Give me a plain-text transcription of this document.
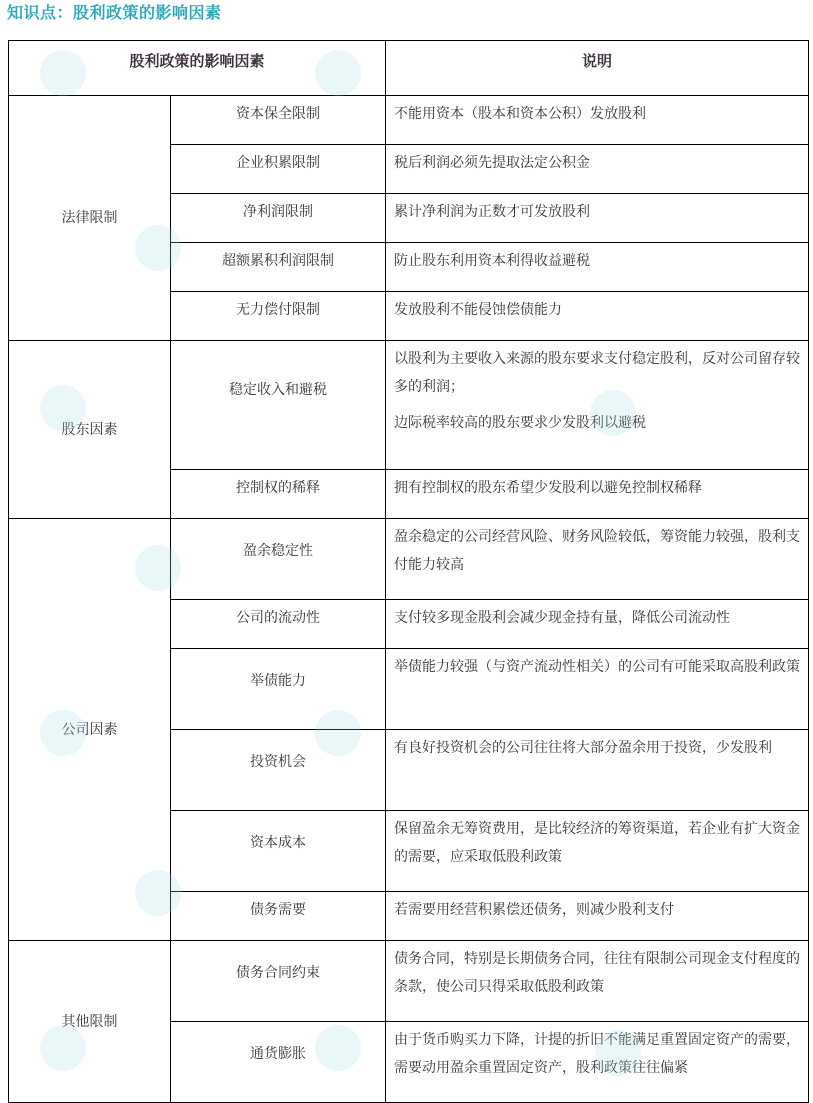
知识点：股利政策的影响因素
股利政策的影响因素		说明
法律限制	资本保全限制	不能用资本（股本和资本公积）发放股利

	企业积累限制	税后利润必须先提取法定公积金

	净利润限制	累计净利润为正数才可发放股利

	超额累积利润限制	防止股东利用资本利得收益避税

	无力偿付限制	发放股利不能侵蚀偿债能力

股东因素	稳定收入和避税	以股利为主要收入来源的股东要求支付稳定股利，反对公司留存较多的利润；

边际税率较高的股东要求少发股利以避税

	控制权的稀释	拥有控制权的股东希望少发股利以避免控制权稀释

公司因素	盈余稳定性	盈余稳定的公司经营风险、财务风险较低，筹资能力较强，股利支付能力较高

	公司的流动性	支付较多现金股利会减少现金持有量，降低公司流动性

	举债能力	举债能力较强（与资产流动性相关）的公司有可能采取高股利政策

	投资机会	有良好投资机会的公司往往将大部分盈余用于投资，少发股利

	资本成本	保留盈余无筹资费用，是比较经济的筹资渠道，若企业有扩大资金的需要，应采取低股利政策

	债务需要	若需要用经营积累偿还债务，则减少股利支付

其他限制	债务合同约束	债务合同，特别是长期债务合同，往往有限制公司现金支付程度的条款，使公司只得采取低股利政策

	通货膨胀	由于货币购买力下降，计提的折旧不能满足重置固定资产的需要，需要动用盈余重置固定资产，股利政策往往偏紧
